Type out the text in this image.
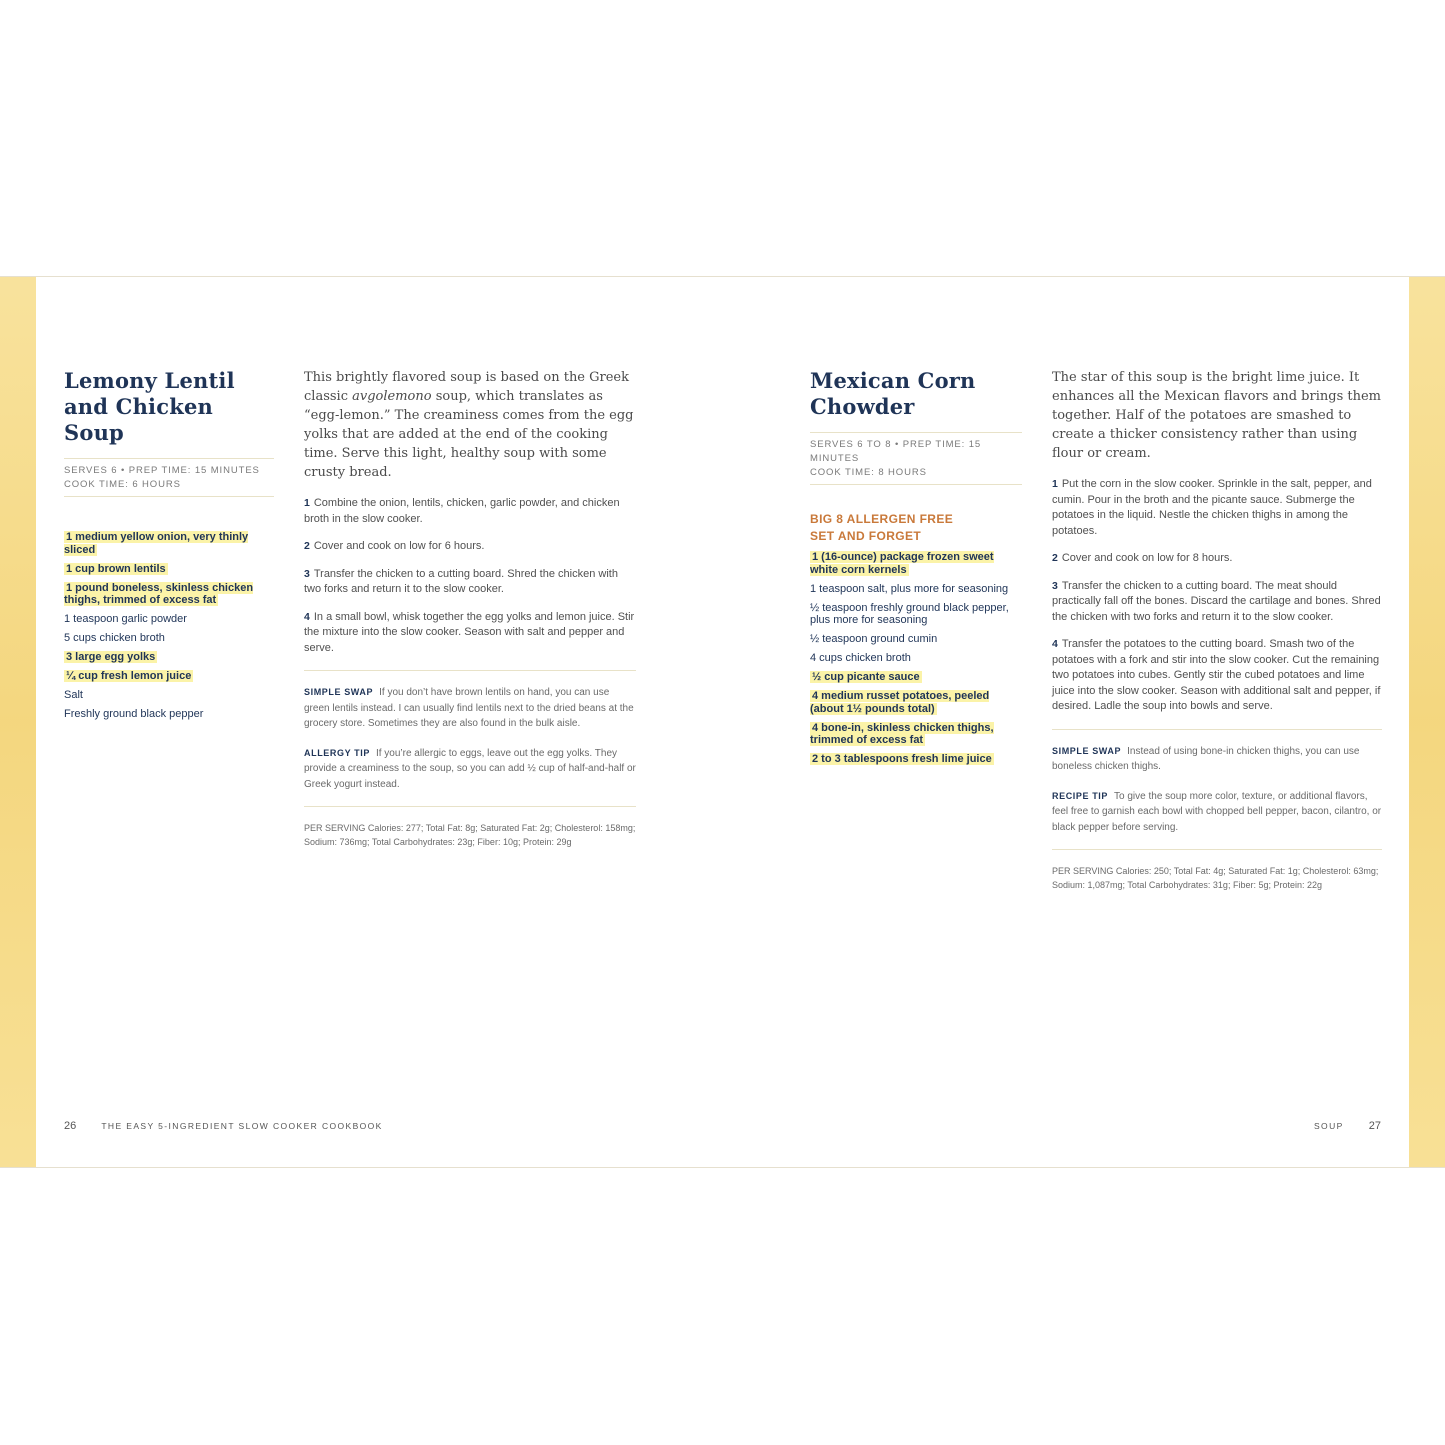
Lemony Lentil and Chicken Soup
SERVES 6 • PREP TIME: 15 MINUTES
COOK TIME: 6 HOURS
1 medium yellow onion, very thinly sliced
1 cup brown lentils
1 pound boneless, skinless chicken thighs, trimmed of excess fat
1 teaspoon garlic powder
5 cups chicken broth
3 large egg yolks
¼ cup fresh lemon juice
Salt
Freshly ground black pepper

This brightly flavored soup is based on the Greek classic avgolemono soup, which translates as “egg-lemon.” The creaminess comes from the egg yolks that are added at the end of the cooking time. Serve this light, healthy soup with some crusty bread.

1 Combine the onion, lentils, chicken, garlic powder, and chicken broth in the slow cooker.
2 Cover and cook on low for 6 hours.
3 Transfer the chicken to a cutting board. Shred the chicken with two forks and return it to the slow cooker.
4 In a small bowl, whisk together the egg yolks and lemon juice. Stir the mixture into the slow cooker. Season with salt and pepper and serve.

SIMPLE SWAP If you don’t have brown lentils on hand, you can use green lentils instead. I can usually find lentils next to the dried beans at the grocery store. Sometimes they are also found in the bulk aisle.

ALLERGY TIP If you’re allergic to eggs, leave out the egg yolks. They provide a creaminess to the soup, so you can add ½ cup of half-and-half or Greek yogurt instead.

PER SERVING Calories: 277; Total Fat: 8g; Saturated Fat: 2g; Cholesterol: 158mg; Sodium: 736mg; Total Carbohydrates: 23g; Fiber: 10g; Protein: 29g

Mexican Corn Chowder
SERVES 6 TO 8 • PREP TIME: 15 MINUTES
COOK TIME: 8 HOURS
BIG 8 ALLERGEN FREE
SET AND FORGET
1 (16-ounce) package frozen sweet white corn kernels
1 teaspoon salt, plus more for seasoning
½ teaspoon freshly ground black pepper, plus more for seasoning
½ teaspoon ground cumin
4 cups chicken broth
½ cup picante sauce
4 medium russet potatoes, peeled (about 1½ pounds total)
4 bone-in, skinless chicken thighs, trimmed of excess fat
2 to 3 tablespoons fresh lime juice

The star of this soup is the bright lime juice. It enhances all the Mexican flavors and brings them together. Half of the potatoes are smashed to create a thicker consistency rather than using flour or cream.

1 Put the corn in the slow cooker. Sprinkle in the salt, pepper, and cumin. Pour in the broth and the picante sauce. Submerge the potatoes in the liquid. Nestle the chicken thighs in among the potatoes.
2 Cover and cook on low for 8 hours.
3 Transfer the chicken to a cutting board. The meat should practically fall off the bones. Discard the cartilage and bones. Shred the chicken with two forks and return it to the slow cooker.
4 Transfer the potatoes to the cutting board. Smash two of the potatoes with a fork and stir into the slow cooker. Cut the remaining two potatoes into cubes. Gently stir the cubed potatoes and lime juice into the slow cooker. Season with additional salt and pepper, if desired. Ladle the soup into bowls and serve.

SIMPLE SWAP Instead of using bone-in chicken thighs, you can use boneless chicken thighs.

RECIPE TIP To give the soup more color, texture, or additional flavors, feel free to garnish each bowl with chopped bell pepper, bacon, cilantro, or black pepper before serving.

PER SERVING Calories: 250; Total Fat: 4g; Saturated Fat: 1g; Cholesterol: 63mg; Sodium: 1,087mg; Total Carbohydrates: 31g; Fiber: 5g; Protein: 22g

26	THE EASY 5-INGREDIENT SLOW COOKER COOKBOOK	SOUP 27
